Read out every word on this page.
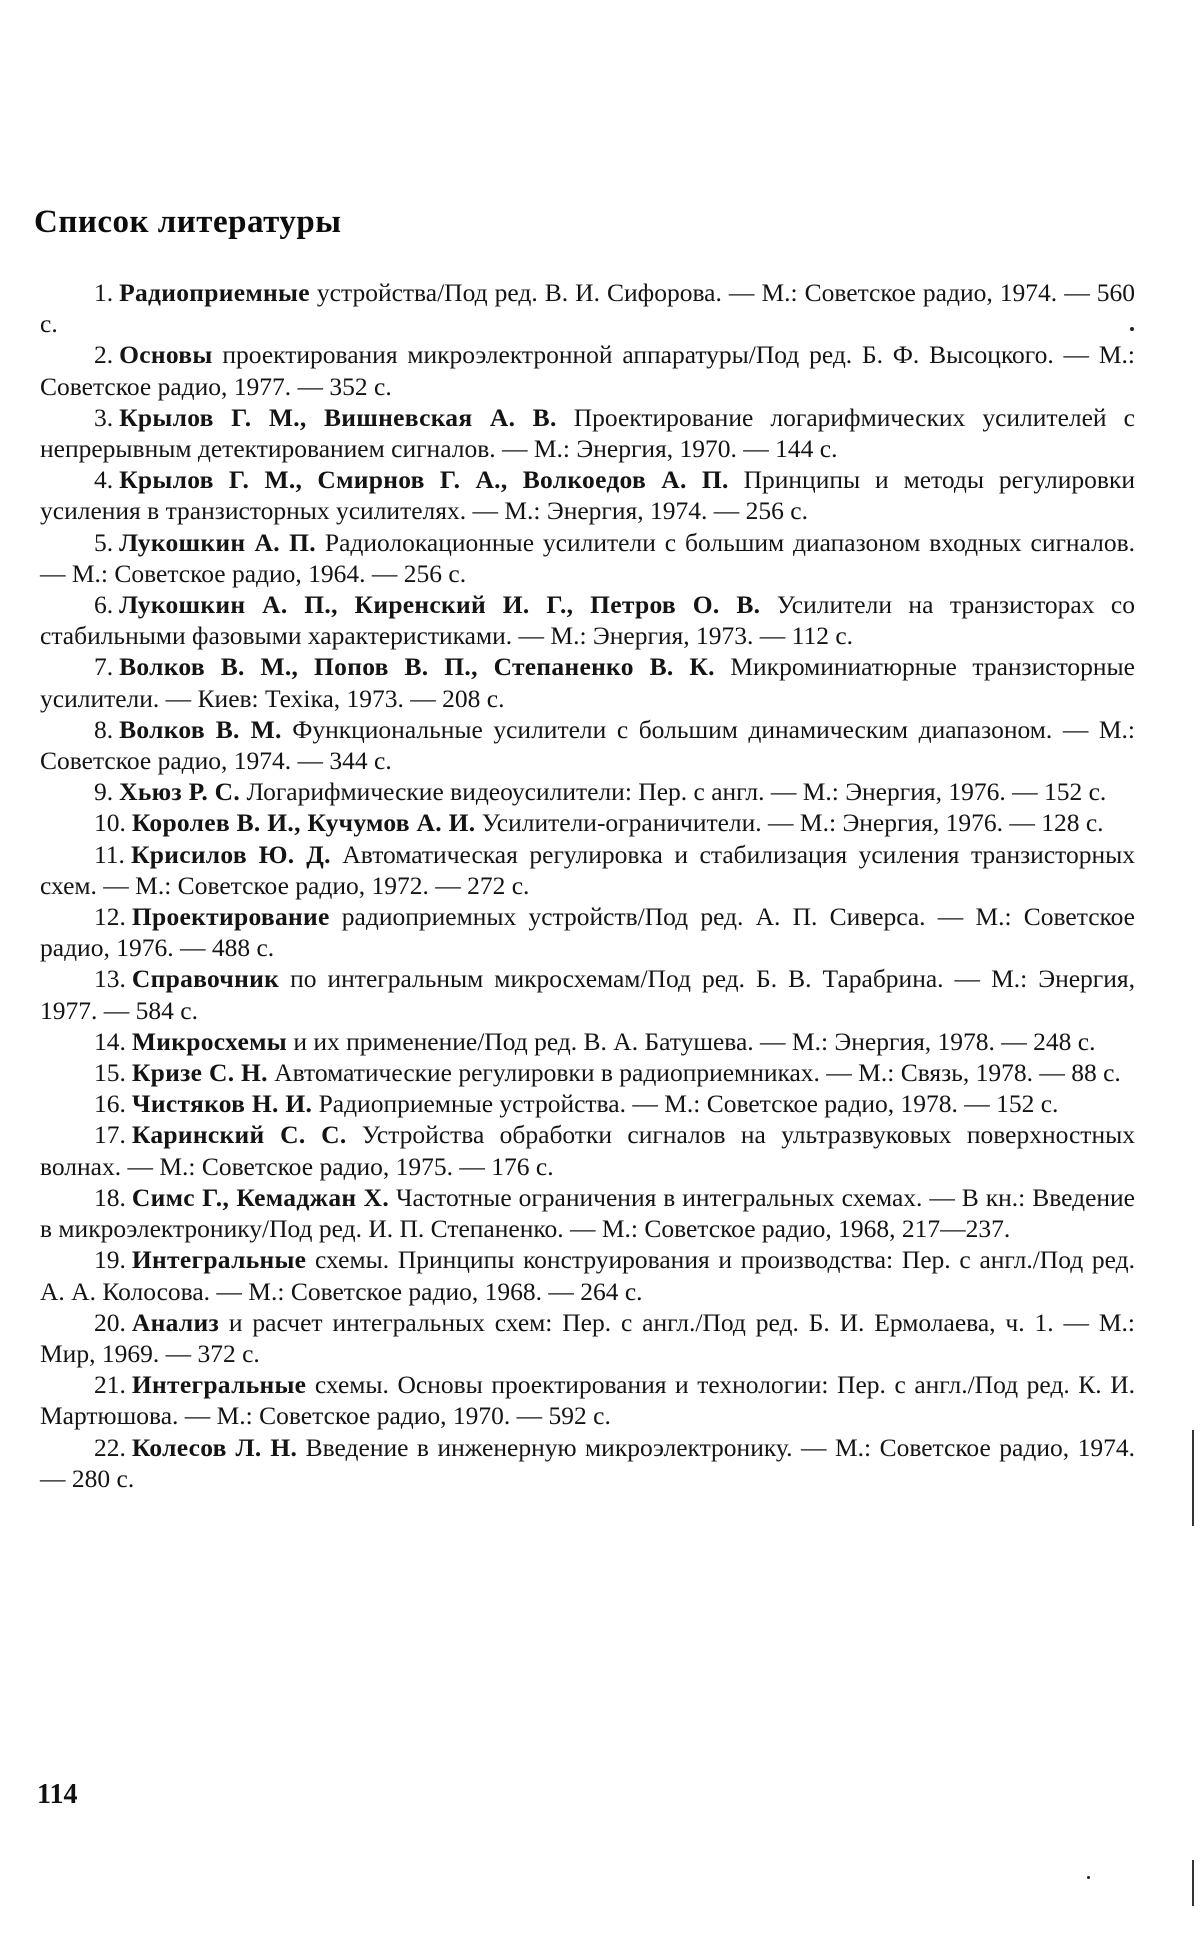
Список литературы
1. Радиоприемные устройства/Под ред. В. И. Сифорова. — М.: Советское радио, 1974. — 560 с.
2. Основы проектирования микроэлектронной аппаратуры/Под ред. Б. Ф. Высоцкого. — М.: Советское радио, 1977. — 352 с.
3. Крылов Г. М., Вишневская А. В. Проектирование логарифмических усилителей с непрерывным детектированием сигналов. — М.: Энергия, 1970. — 144 с.
4. Крылов Г. М., Смирнов Г. А., Волкоедов А. П. Принципы и методы регулировки усиления в транзисторных усилителях. — М.: Энергия, 1974. — 256 с.
5. Лукошкин А. П. Радиолокационные усилители с большим диапазоном входных сигналов. — М.: Советское радио, 1964. — 256 с.
6. Лукошкин А. П., Киренский И. Г., Петров О. В. Усилители на транзисторах со стабильными фазовыми характеристиками. — М.: Энергия, 1973. — 112 с.
7. Волков В. М., Попов В. П., Степаненко В. К. Микроминиатюрные транзисторные усилители. — Киев: Техіка, 1973. — 208 с.
8. Волков В. М. Функциональные усилители с большим динамическим диапазоном. — М.: Советское радио, 1974. — 344 с.
9. Хьюз Р. С. Логарифмические видеоусилители: Пер. с англ. — М.: Энергия, 1976. — 152 с.
10. Королев В. И., Кучумов А. И. Усилители-ограничители. — М.: Энергия, 1976. — 128 с.
11. Крисилов Ю. Д. Автоматическая регулировка и стабилизация усиления транзисторных схем. — М.: Советское радио, 1972. — 272 с.
12. Проектирование радиоприемных устройств/Под ред. А. П. Сиверса. — М.: Советское радио, 1976. — 488 с.
13. Справочник по интегральным микросхемам/Под ред. Б. В. Тарабрина. — М.: Энергия, 1977. — 584 с.
14. Микросхемы и их применение/Под ред. В. А. Батушева. — М.: Энергия, 1978. — 248 с.
15. Кризе С. Н. Автоматические регулировки в радиоприемниках. — М.: Связь, 1978. — 88 с.
16. Чистяков Н. И. Радиоприемные устройства. — М.: Советское радио, 1978. — 152 с.
17. Каринский С. С. Устройства обработки сигналов на ультразвуковых поверхностных волнах. — М.: Советское радио, 1975. — 176 с.
18. Симс Г., Кемаджан Х. Частотные ограничения в интегральных схемах. — В кн.: Введение в микроэлектронику/Под ред. И. П. Степаненко. — М.: Советское радио, 1968, 217—237.
19. Интегральные схемы. Принципы конструирования и производства: Пер. с англ./Под ред. А. А. Колосова. — М.: Советское радио, 1968. — 264 с.
20. Анализ и расчет интегральных схем: Пер. с англ./Под ред. Б. И. Ермолаева, ч. 1. — М.: Мир, 1969. — 372 с.
21. Интегральные схемы. Основы проектирования и технологии: Пер. с англ./Под ред. К. И. Мартюшова. — М.: Советское радио, 1970. — 592 с.
22. Колесов Л. Н. Введение в инженерную микроэлектронику. — М.: Советское радио, 1974. — 280 с.
114
